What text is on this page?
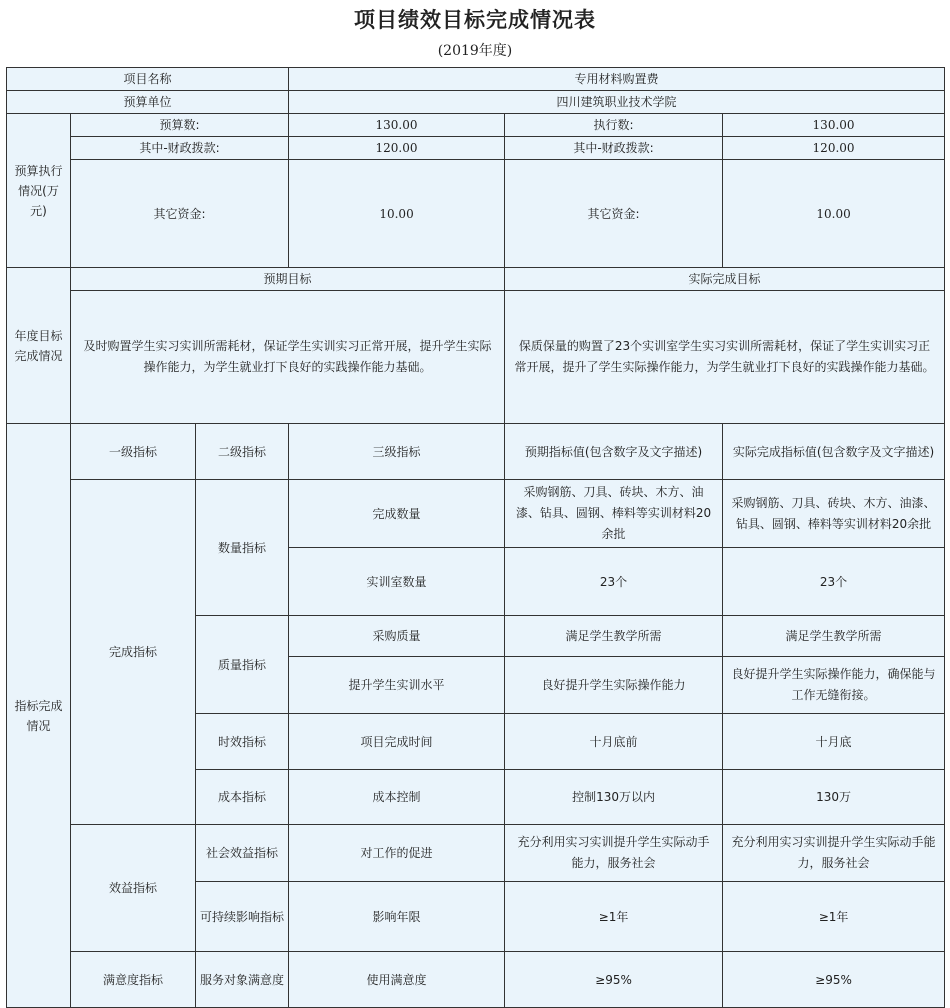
项目绩效目标完成情况表
(2019年度)
项目名称			专用材料购置费		
预算单位			四川建筑职业技术学院		
预算执行情况(万元)	预算数:		130.00	执行数:	130.00
	其中-财政拨款:		120.00	其中-财政拨款:	120.00
	其它资金:		10.00	其它资金:	10.00
年度目标完成情况	预期目标			实际完成目标	
	及时购置学生实习实训所需耗材，保证学生实训实习正常开展，提升学生实际操作能力，为学生就业打下良好的实践操作能力基础。			保质保量的购置了23个实训室学生实习实训所需耗材，保证了学生实训实习正常开展，提升了学生实际操作能力，为学生就业打下良好的实践操作能力基础。	
指标完成情况	一级指标	二级指标	三级指标	预期指标值(包含数字及文字描述)	实际完成指标值(包含数字及文字描述)
	完成指标	数量指标	完成数量	采购钢筋、刀具、砖块、木方、油漆、钻具、圆钢、棒料等实训材料20余批	采购钢筋、刀具、砖块、木方、油漆、钻具、圆钢、棒料等实训材料20余批
			实训室数量	23个	23个
		质量指标	采购质量	满足学生教学所需	满足学生教学所需
			提升学生实训水平	良好提升学生实际操作能力	良好提升学生实际操作能力，确保能与工作无缝衔接。
		时效指标	项目完成时间	十月底前	十月底
		成本指标	成本控制	控制130万以内	130万
	效益指标	社会效益指标	对工作的促进	充分利用实习实训提升学生实际动手能力，服务社会	充分利用实习实训提升学生实际动手能力，服务社会
		可持续影响指标	影响年限	≥1年	≥1年
	满意度指标	服务对象满意度	使用满意度	≥95%	≥95%
